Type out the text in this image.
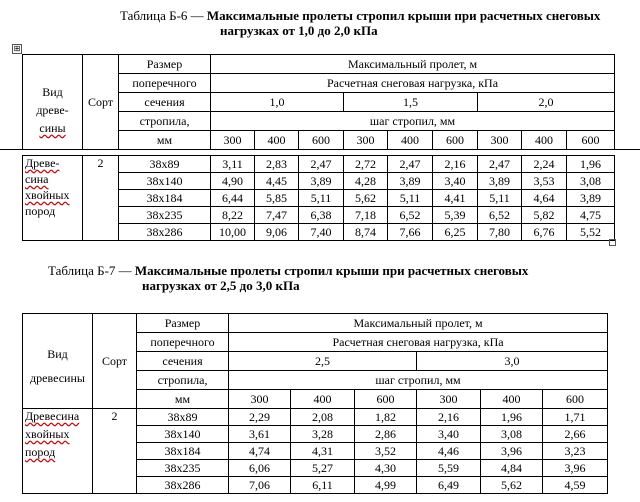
Таблица Б-6 — Максимальные пролеты стропил крыши при расчетных снеговых
нагрузках от 1,0 до 2,0 кПа
⊞
Вид
древе-
сины	Сорт	Размер	Максимальный пролет, м								
		поперечного	Расчетная снеговая нагрузка, кПа								
		сечения	1,0			1,5			2,0		
		стропила,	шаг стропил, мм								
		мм	300	400	600	300	400	600	300	400	600
Древе-
сина
хвойных
пород	2	38х89	3,11	2,83	2,47	2,72	2,47	2,16	2,47	2,24	1,96
		38х140	4,90	4,45	3,89	4,28	3,89	3,40	3,89	3,53	3,08
		38х184	6,44	5,85	5,11	5,62	5,11	4,41	5,11	4,64	3,89
		38х235	8,22	7,47	6,38	7,18	6,52	5,39	6,52	5,82	4,75
		38х286	10,00	9,06	7,40	8,74	7,66	6,25	7,80	6,76	5,52
Таблица Б-7 — Максимальные пролеты стропил крыши при расчетных снеговых
нагрузках от 2,5 до 3,0 кПа
Вид
древесины	Сорт	Размер	Максимальный пролет, м					
		поперечного	Расчетная снеговая нагрузка, кПа					
		сечения	2,5			3,0		
		стропила,	шаг стропил, мм					
		мм	300	400	600	300	400	600

Древесина
хвойных
пород	2	38х89	2,29	2,08	1,82	2,16	1,96	1,71
		38х140	3,61	3,28	2,86	3,40	3,08	2,66
		38х184	4,74	4,31	3,52	4,46	3,96	3,23
		38х235	6,06	5,27	4,30	5,59	4,84	3,96
		38х286	7,06	6,11	4,99	6,49	5,62	4,59
